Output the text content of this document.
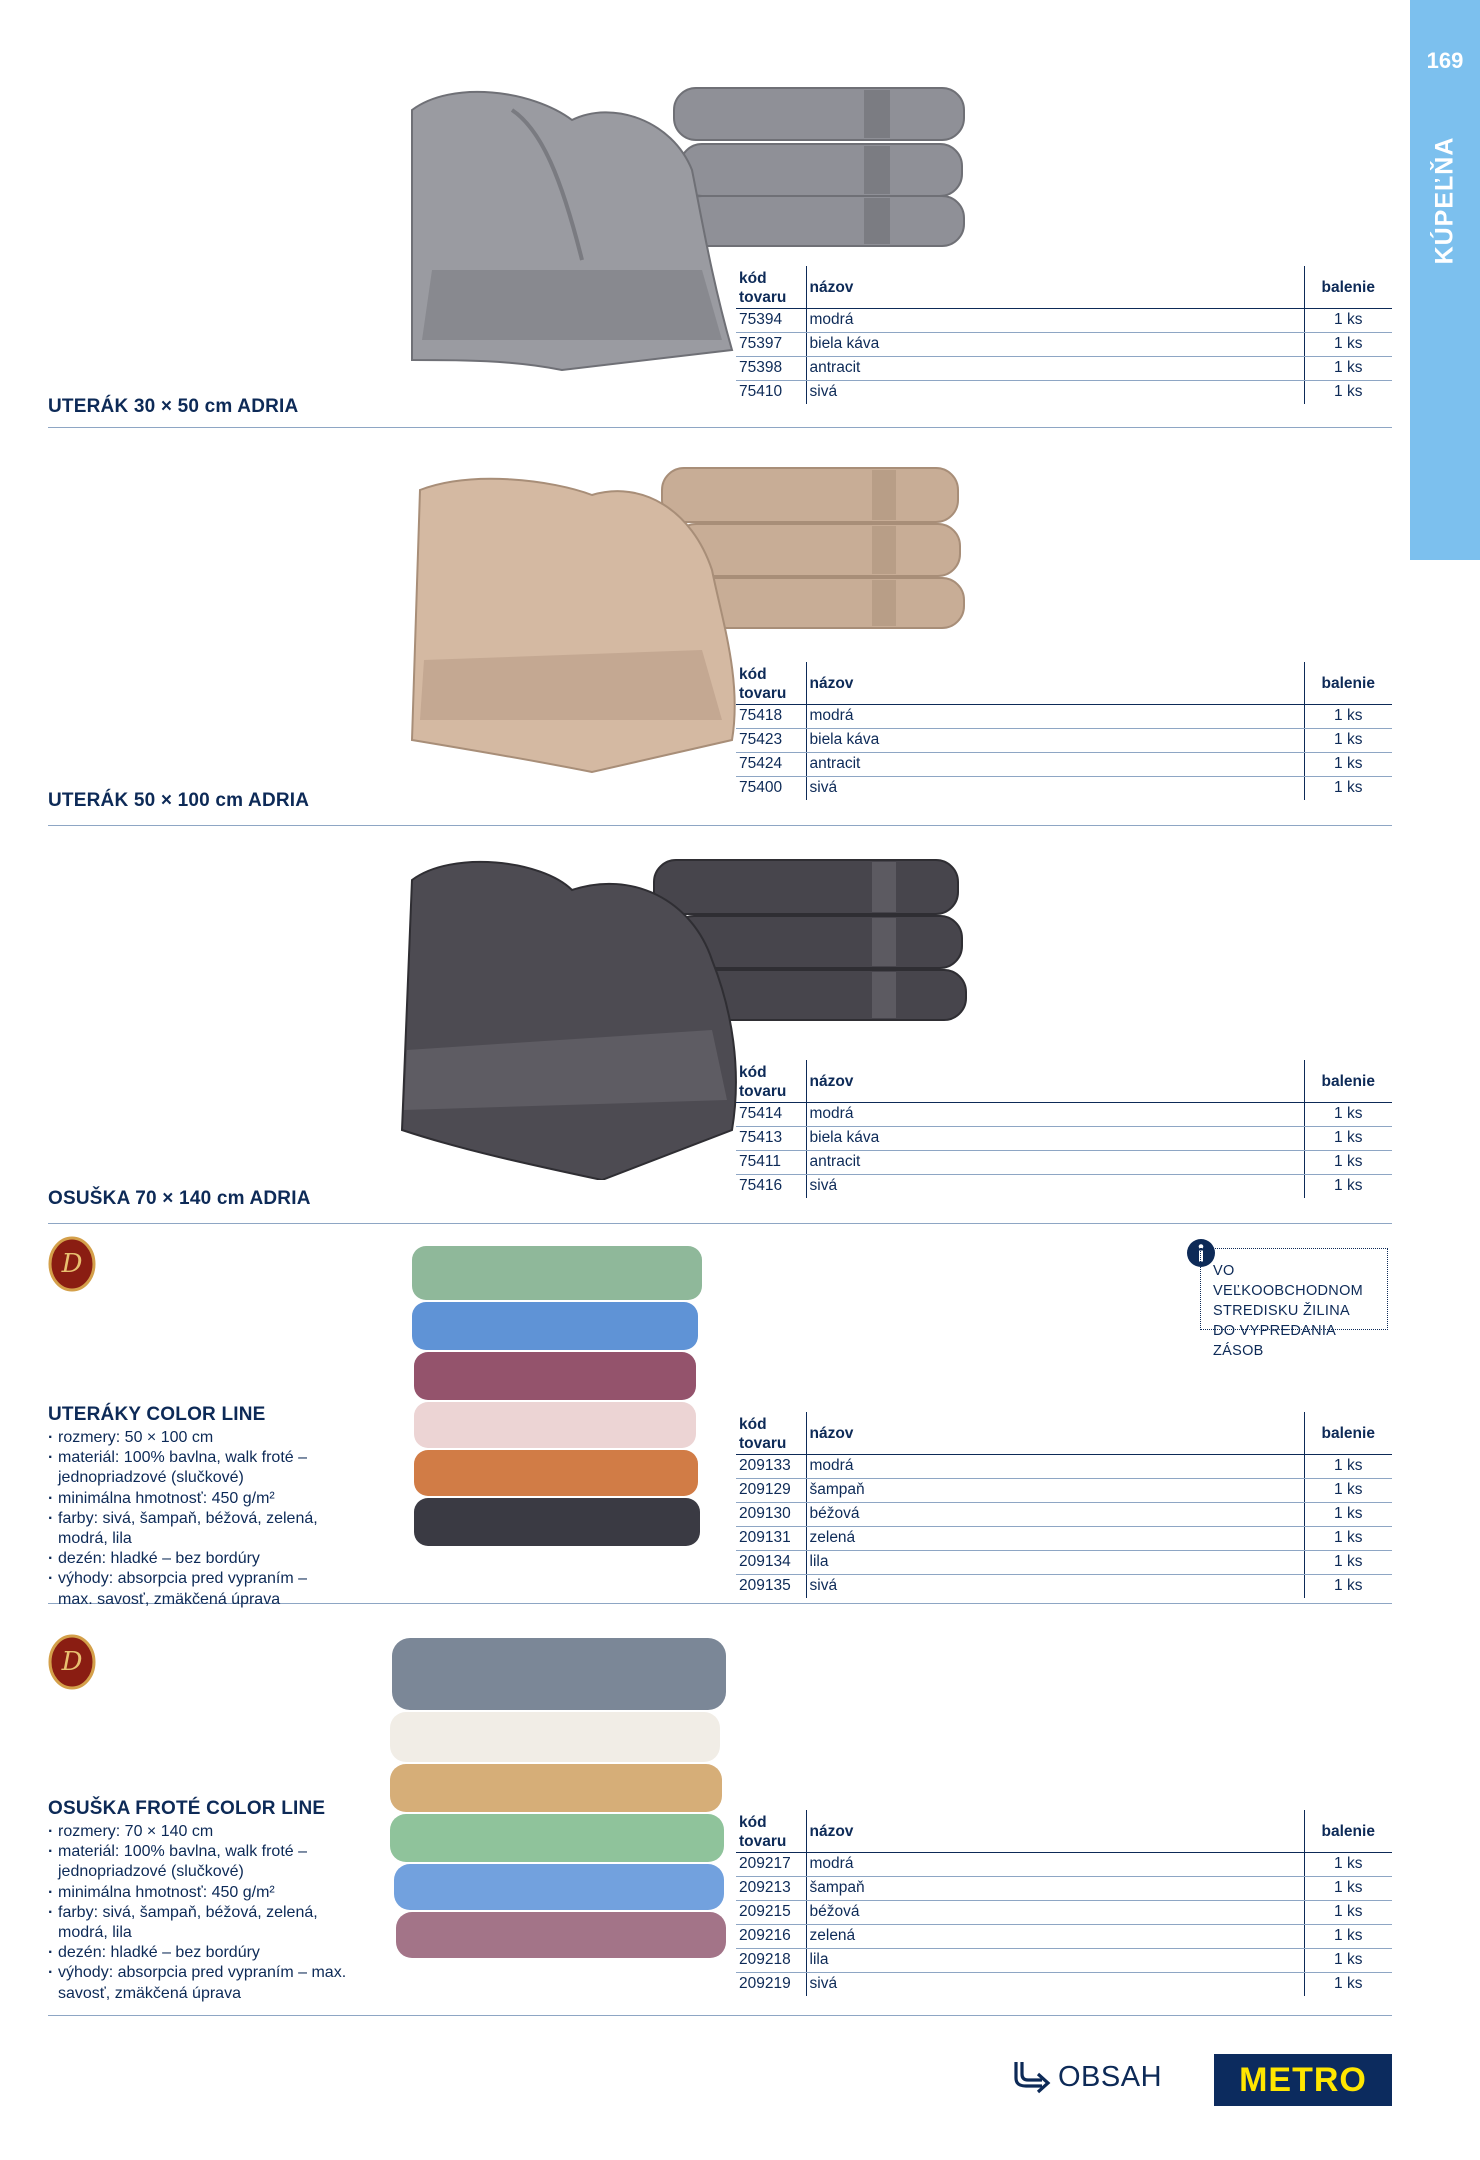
169
KÚPEĽŇA
UTERÁK 30 × 50 cm ADRIA
kód tovaru	názov	balenie
75394	modrá	1 ks
75397	biela káva	1 ks
75398	antracit	1 ks
75410	sivá	1 ks
UTERÁK 50 × 100 cm ADRIA
kód tovaru	názov	balenie
75418	modrá	1 ks
75423	biela káva	1 ks
75424	antracit	1 ks
75400	sivá	1 ks
OSUŠKA 70 × 140 cm ADRIA
kód tovaru	názov	balenie
75414	modrá	1 ks
75413	biela káva	1 ks
75411	antracit	1 ks
75416	sivá	1 ks
D
UTERÁKY COLOR LINE
· rozmery: 50 × 100 cm
· materiál: 100% bavlna, walk froté – jednopriadzové (slučkové)
· minimálna hmotnosť: 450 g/m²
· farby: sivá, šampaň, béžová, zelená, modrá, lila
· dezén: hladké – bez bordúry
· výhody: absorpcia pred vypraním – max. savosť, zmäkčená úprava
kód tovaru	názov	balenie
209133	modrá	1 ks
209129	šampaň	1 ks
209130	béžová	1 ks
209131	zelená	1 ks
209134	lila	1 ks
209135	sivá	1 ks
VO VEĽKOOBCHODNOM
STREDISKU ŽILINA
DO VYPREDANIA ZÁSOB
D
OSUŠKA FROTÉ COLOR LINE
· rozmery: 70 × 140 cm
· materiál: 100% bavlna, walk froté – jednopriadzové (slučkové)
· minimálna hmotnosť: 450 g/m²
· farby: sivá, šampaň, béžová, zelená, modrá, lila
· dezén: hladké – bez bordúry
· výhody: absorpcia pred vypraním – max. savosť, zmäkčená úprava
kód tovaru	názov	balenie
209217	modrá	1 ks
209213	šampaň	1 ks
209215	béžová	1 ks
209216	zelená	1 ks
209218	lila	1 ks
209219	sivá	1 ks
OBSAH METRO
